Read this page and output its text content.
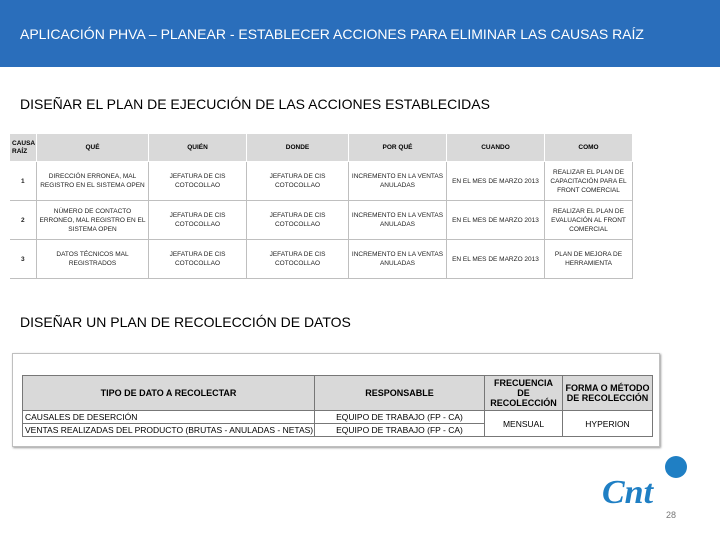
APLICACIÓN PHVA – PLANEAR - ESTABLECER ACCIONES PARA ELIMINAR LAS CAUSAS RAÍZ
DISEÑAR EL PLAN DE EJECUCIÓN DE LAS ACCIONES ESTABLECIDAS
CAUSA RAÍZ	QUÉ	QUIÉN	DONDE	POR QUÉ	CUANDO	COMO
1	DIRECCIÓN ERRONEA, MAL REGISTRO EN EL SISTEMA OPEN	JEFATURA DE CIS COTOCOLLAO	JEFATURA DE CIS COTOCOLLAO	INCREMENTO EN LA VENTAS ANULADAS	EN EL MES DE MARZO 2013	REALIZAR EL PLAN DE CAPACITACIÓN PARA EL FRONT COMERCIAL
2	NÚMERO DE CONTACTO ERRONEO, MAL REGISTRO EN EL SISTEMA OPEN	JEFATURA DE CIS COTOCOLLAO	JEFATURA DE CIS COTOCOLLAO	INCREMENTO EN LA VENTAS ANULADAS	EN EL MES DE MARZO 2013	REALIZAR EL PLAN DE EVALUACIÓN AL FRONT COMERCIAL
3	DATOS TÉCNICOS MAL REGISTRADOS	JEFATURA DE CIS COTOCOLLAO	JEFATURA DE CIS COTOCOLLAO	INCREMENTO EN LA VENTAS ANULADAS	EN EL MES DE MARZO 2013	PLAN DE MEJORA DE HERRAMIENTA
DISEÑAR UN PLAN DE RECOLECCIÓN DE DATOS
TIPO DE DATO A RECOLECTAR	RESPONSABLE	FRECUENCIA DE RECOLECCIÓN	FORMA O MÉTODO DE RECOLECCIÓN
CAUSALES DE DESERCIÓN	EQUIPO DE TRABAJO (FP - CA)	MENSUAL	HYPERION
VENTAS REALIZADAS DEL PRODUCTO (BRUTAS - ANULADAS - NETAS)	EQUIPO DE TRABAJO (FP - CA)		
Cnt
28
